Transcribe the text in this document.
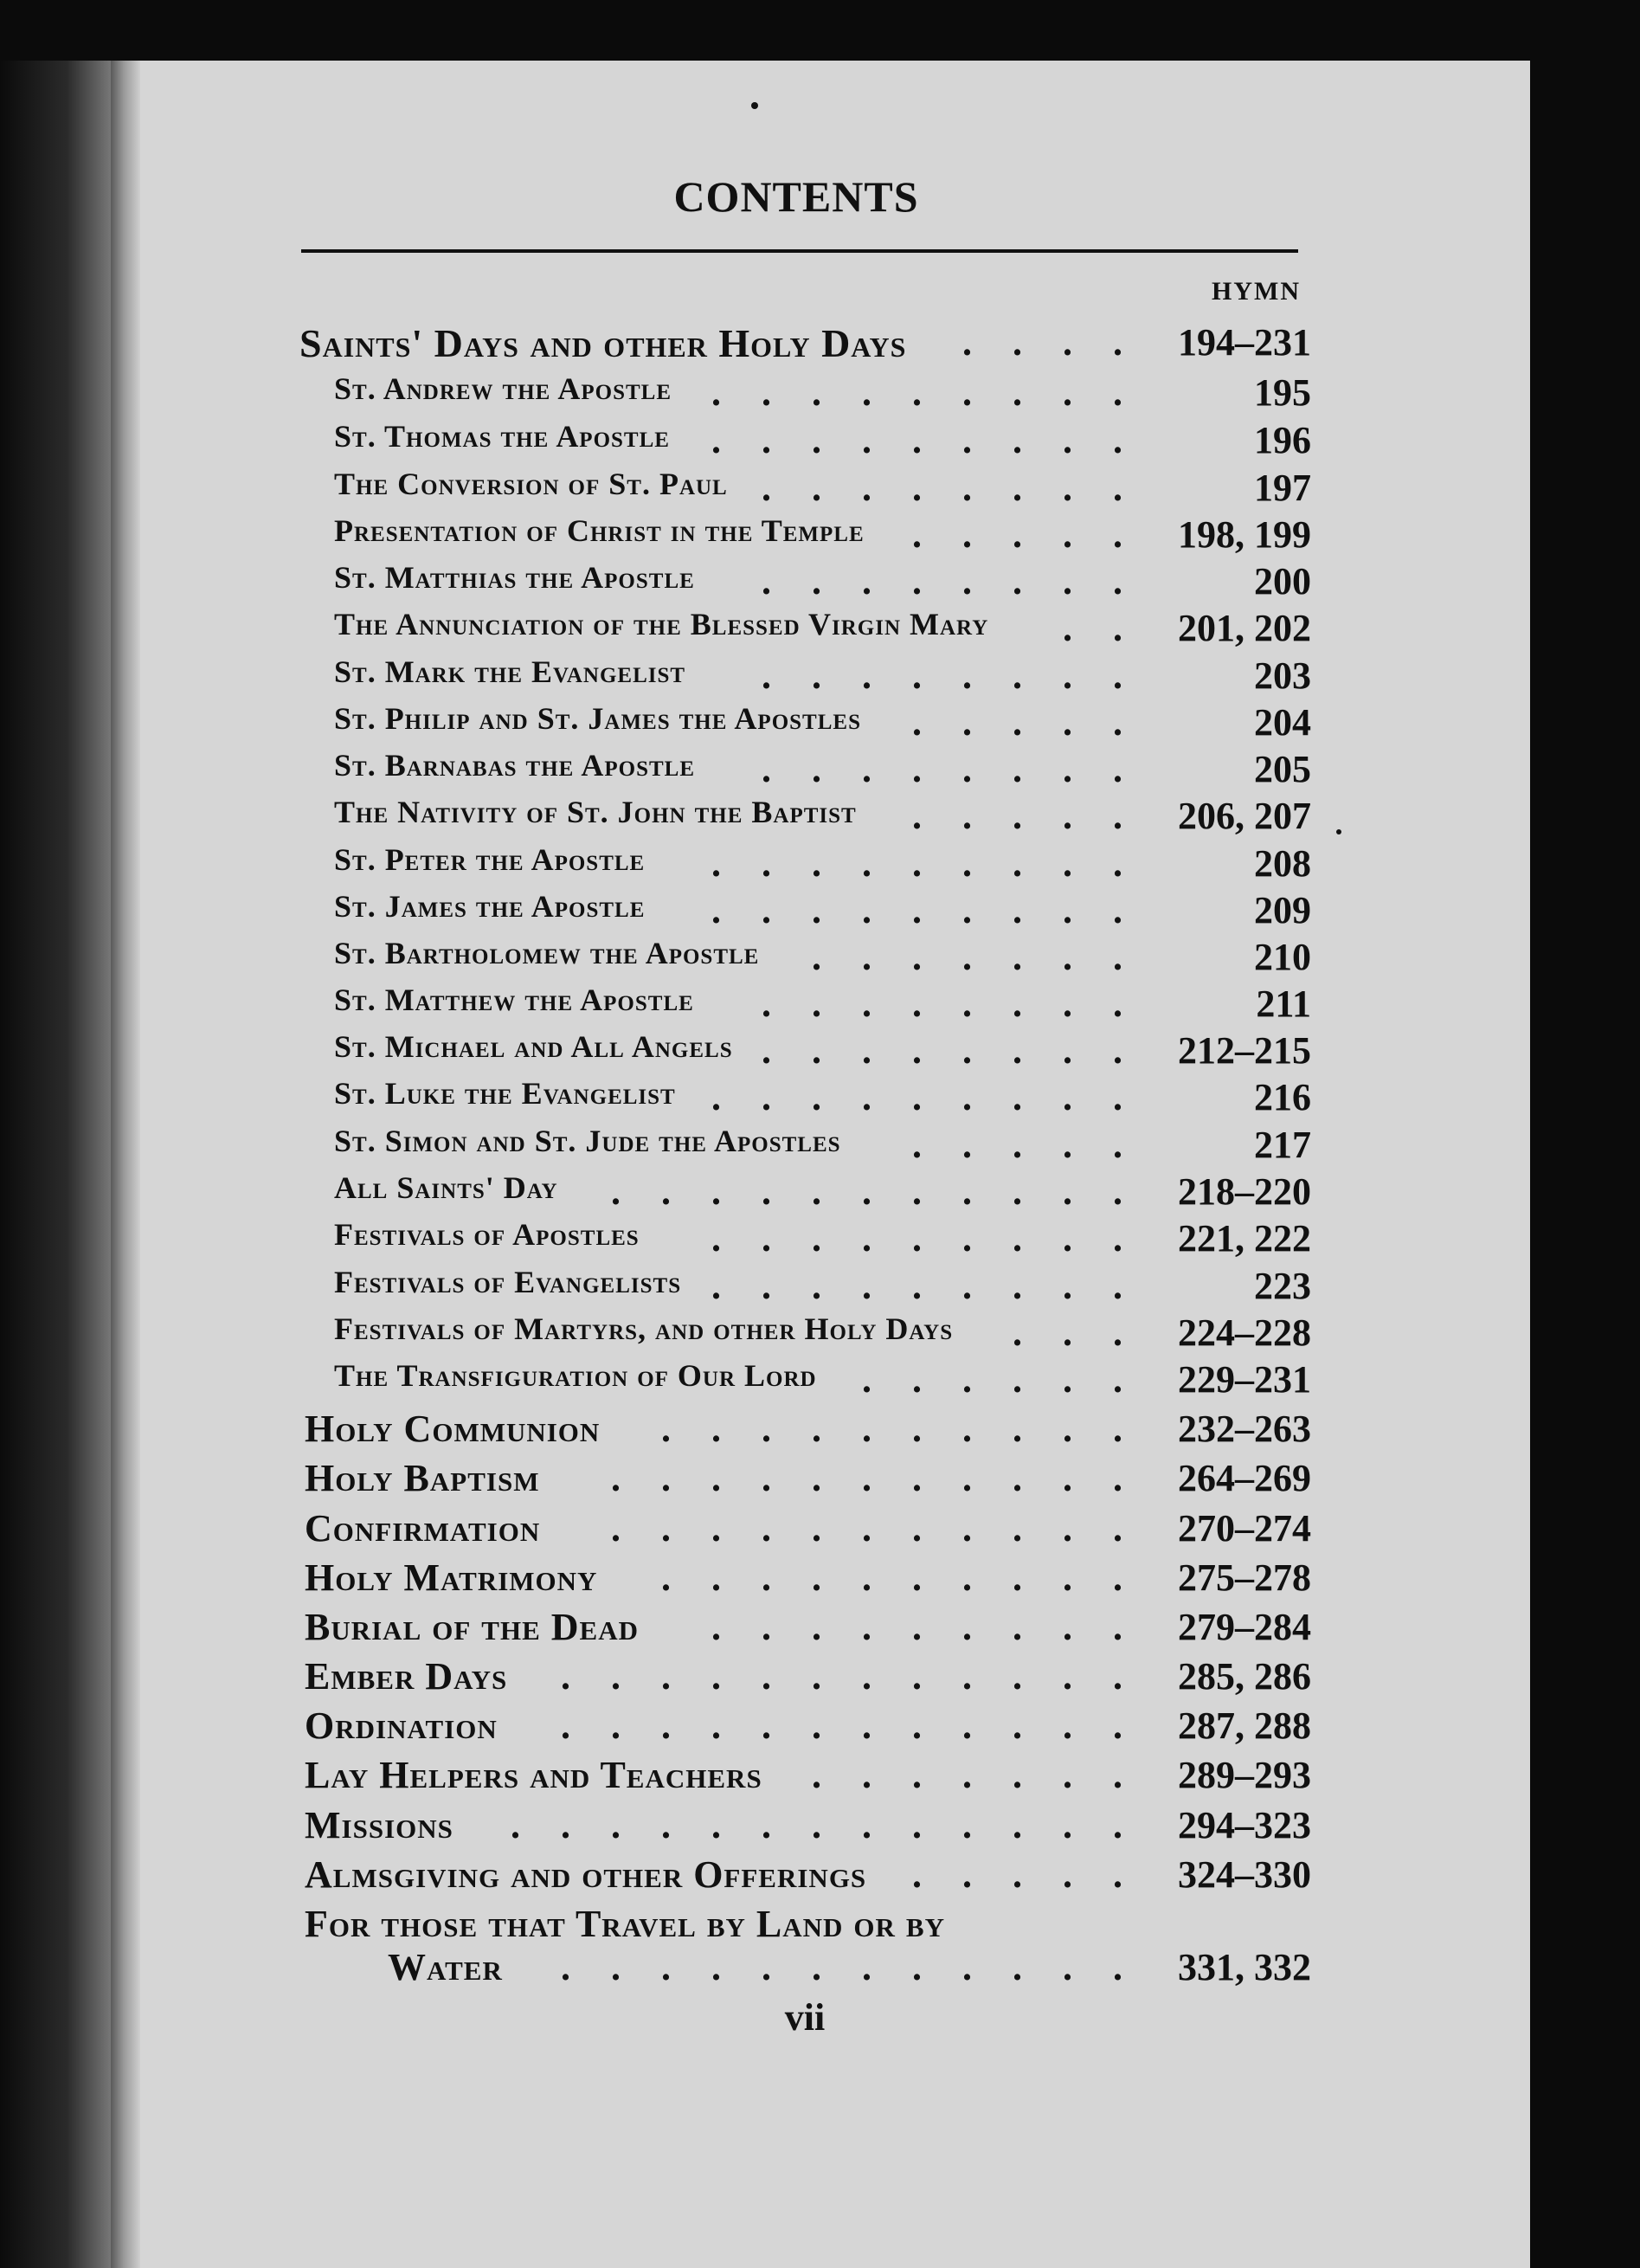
CONTENTS
HYMN
Saints' Days and other Holy Days	194–231
. . . .
St. Andrew the Apostle	195
. . . . . . . . .
St. Thomas the Apostle	196
. . . . . . . . .
The Conversion of St. Paul	197
. . . . . . . .
Presentation of Christ in the Temple	198, 199
. . . . .
St. Matthias the Apostle	200
. . . . . . . .
The Annunciation of the Blessed Virgin Mary	201, 202
. .
St. Mark the Evangelist	203
. . . . . . . .
St. Philip and St. James the Apostles	204
. . . . .
St. Barnabas the Apostle	205
. . . . . . . .
The Nativity of St. John the Baptist	206, 207
. . . . .
St. Peter the Apostle	208
. . . . . . . . .
St. James the Apostle	209
. . . . . . . . .
St. Bartholomew the Apostle	210
. . . . . . .
St. Matthew the Apostle	211
. . . . . . . .
St. Michael and All Angels	212–215
. . . . . . . .
St. Luke the Evangelist	216
. . . . . . . . .
St. Simon and St. Jude the Apostles	217
. . . . .
All Saints' Day	218–220
. . . . . . . . . . .
Festivals of Apostles	221, 222
. . . . . . . . .
Festivals of Evangelists	223
. . . . . . . . .
Festivals of Martyrs, and other Holy Days	224–228
. . .
The Transfiguration of Our Lord	229–231
. . . . . .
Holy Communion	232–263
. . . . . . . . . .
Holy Baptism	264–269
. . . . . . . . . . .
Confirmation	270–274
. . . . . . . . . . .
Holy Matrimony	275–278
. . . . . . . . . .
Burial of the Dead	279–284
. . . . . . . . .
Ember Days	285, 286
. . . . . . . . . . . .
Ordination	287, 288
. . . . . . . . . . . .
Lay Helpers and Teachers	289–293
. . . . . . .
Missions	294–323
. . . . . . . . . . . . .
Almsgiving and other Offerings	324–330
. . . . .
For those that Travel by Land or by
Water	331, 332
. . . . . . . . . . . .
vii
